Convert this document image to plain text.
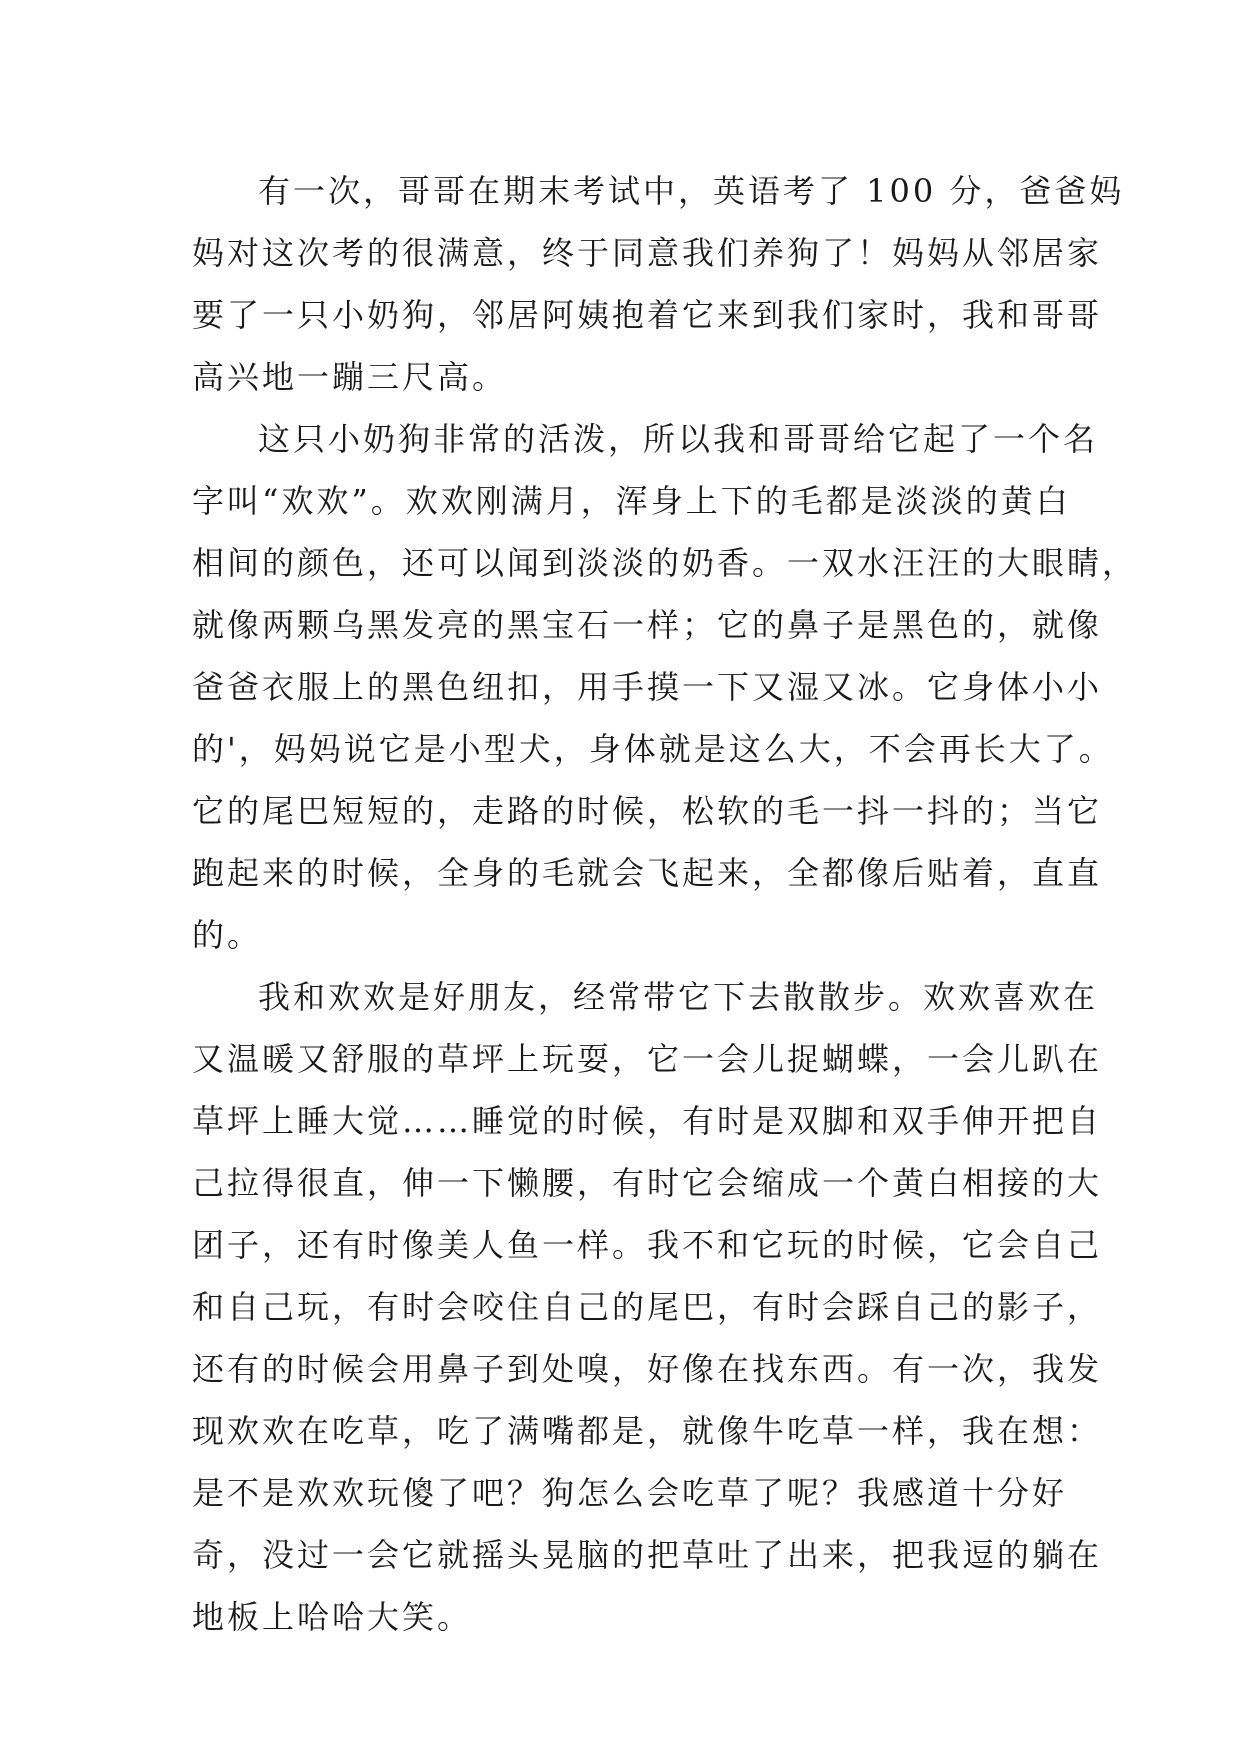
有一次，哥哥在期末考试中，英语考了 100 分，爸爸妈
妈对这次考的很满意，终于同意我们养狗了！妈妈从邻居家
要了一只小奶狗，邻居阿姨抱着它来到我们家时，我和哥哥
高兴地一蹦三尺高。
这只小奶狗非常的活泼，所以我和哥哥给它起了一个名
字叫“欢欢”。欢欢刚满月，浑身上下的毛都是淡淡的黄白
相间的颜色，还可以闻到淡淡的奶香。一双水汪汪的大眼睛，
就像两颗乌黑发亮的黑宝石一样；它的鼻子是黑色的，就像
爸爸衣服上的黑色纽扣，用手摸一下又湿又冰。它身体小小
的'，妈妈说它是小型犬，身体就是这么大，不会再长大了。
它的尾巴短短的，走路的时候，松软的毛一抖一抖的；当它
跑起来的时候，全身的毛就会飞起来，全都像后贴着，直直
的。
我和欢欢是好朋友，经常带它下去散散步。欢欢喜欢在
又温暖又舒服的草坪上玩耍，它一会儿捉蝴蝶，一会儿趴在
草坪上睡大觉……睡觉的时候，有时是双脚和双手伸开把自
己拉得很直，伸一下懒腰，有时它会缩成一个黄白相接的大
团子，还有时像美人鱼一样。我不和它玩的时候，它会自己
和自己玩，有时会咬住自己的尾巴，有时会踩自己的影子，
还有的时候会用鼻子到处嗅，好像在找东西。有一次，我发
现欢欢在吃草，吃了满嘴都是，就像牛吃草一样，我在想：
是不是欢欢玩傻了吧？狗怎么会吃草了呢？我感道十分好
奇，没过一会它就摇头晃脑的把草吐了出来，把我逗的躺在
地板上哈哈大笑。
